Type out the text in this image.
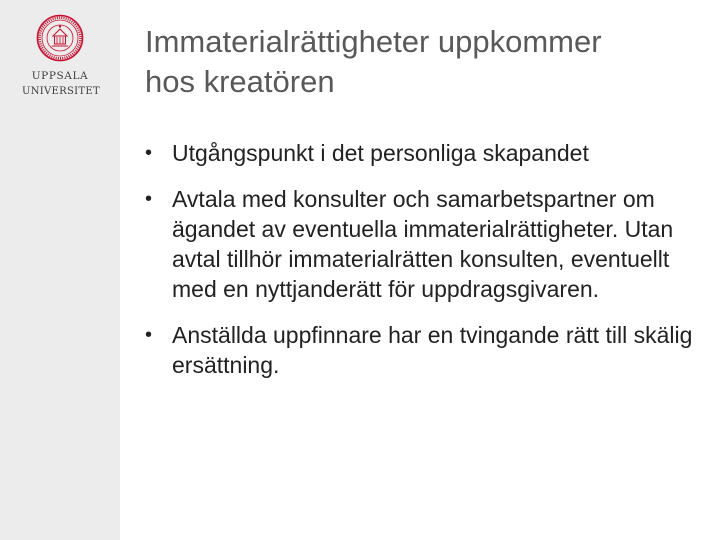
UPPSALA
UNIVERSITET
Immaterialrättigheter uppkommer
hos kreatören
• Utgångspunkt i det personliga skapandet
• Avtala med konsulter och samarbetspartner om ägandet av eventuella immaterialrättigheter. Utan avtal tillhör immaterialrätten konsulten, eventuellt med en nyttjanderätt för uppdragsgivaren.
• Anställda uppfinnare har en tvingande rätt till skälig ersättning.
